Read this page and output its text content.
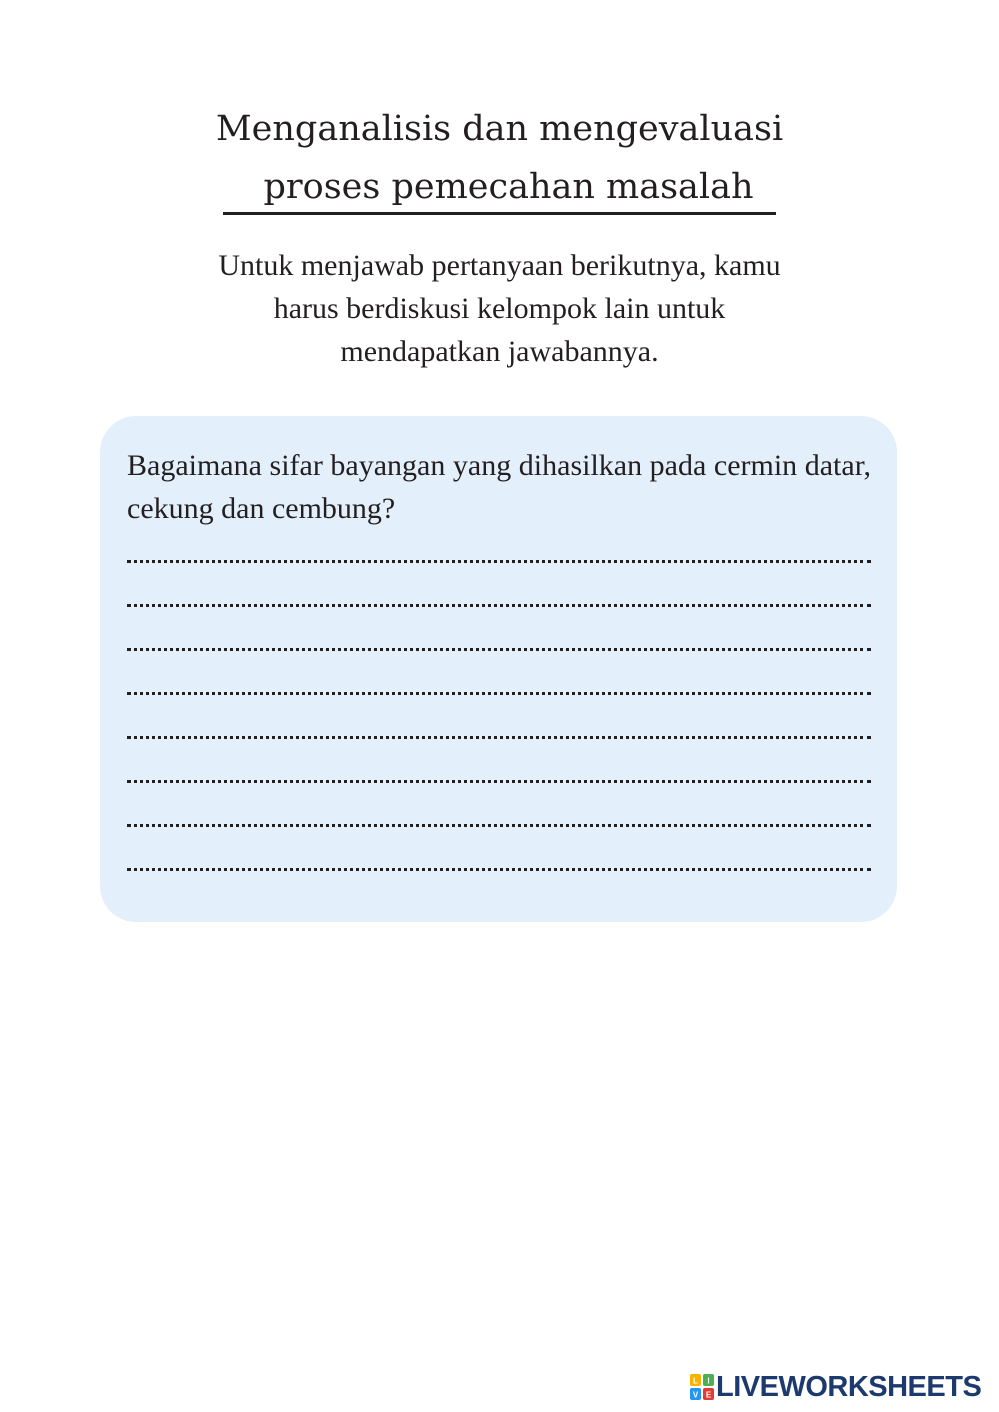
Menganalisis dan mengevaluasi
proses pemecahan masalah
Untuk menjawab pertanyaan berikutnya, kamu
harus berdiskusi kelompok lain untuk
mendapatkan jawabannya.
Bagaimana sifar bayangan yang dihasilkan pada cermin datar, cekung dan cembung?
L I
V E LIVEWORKSHEETS
